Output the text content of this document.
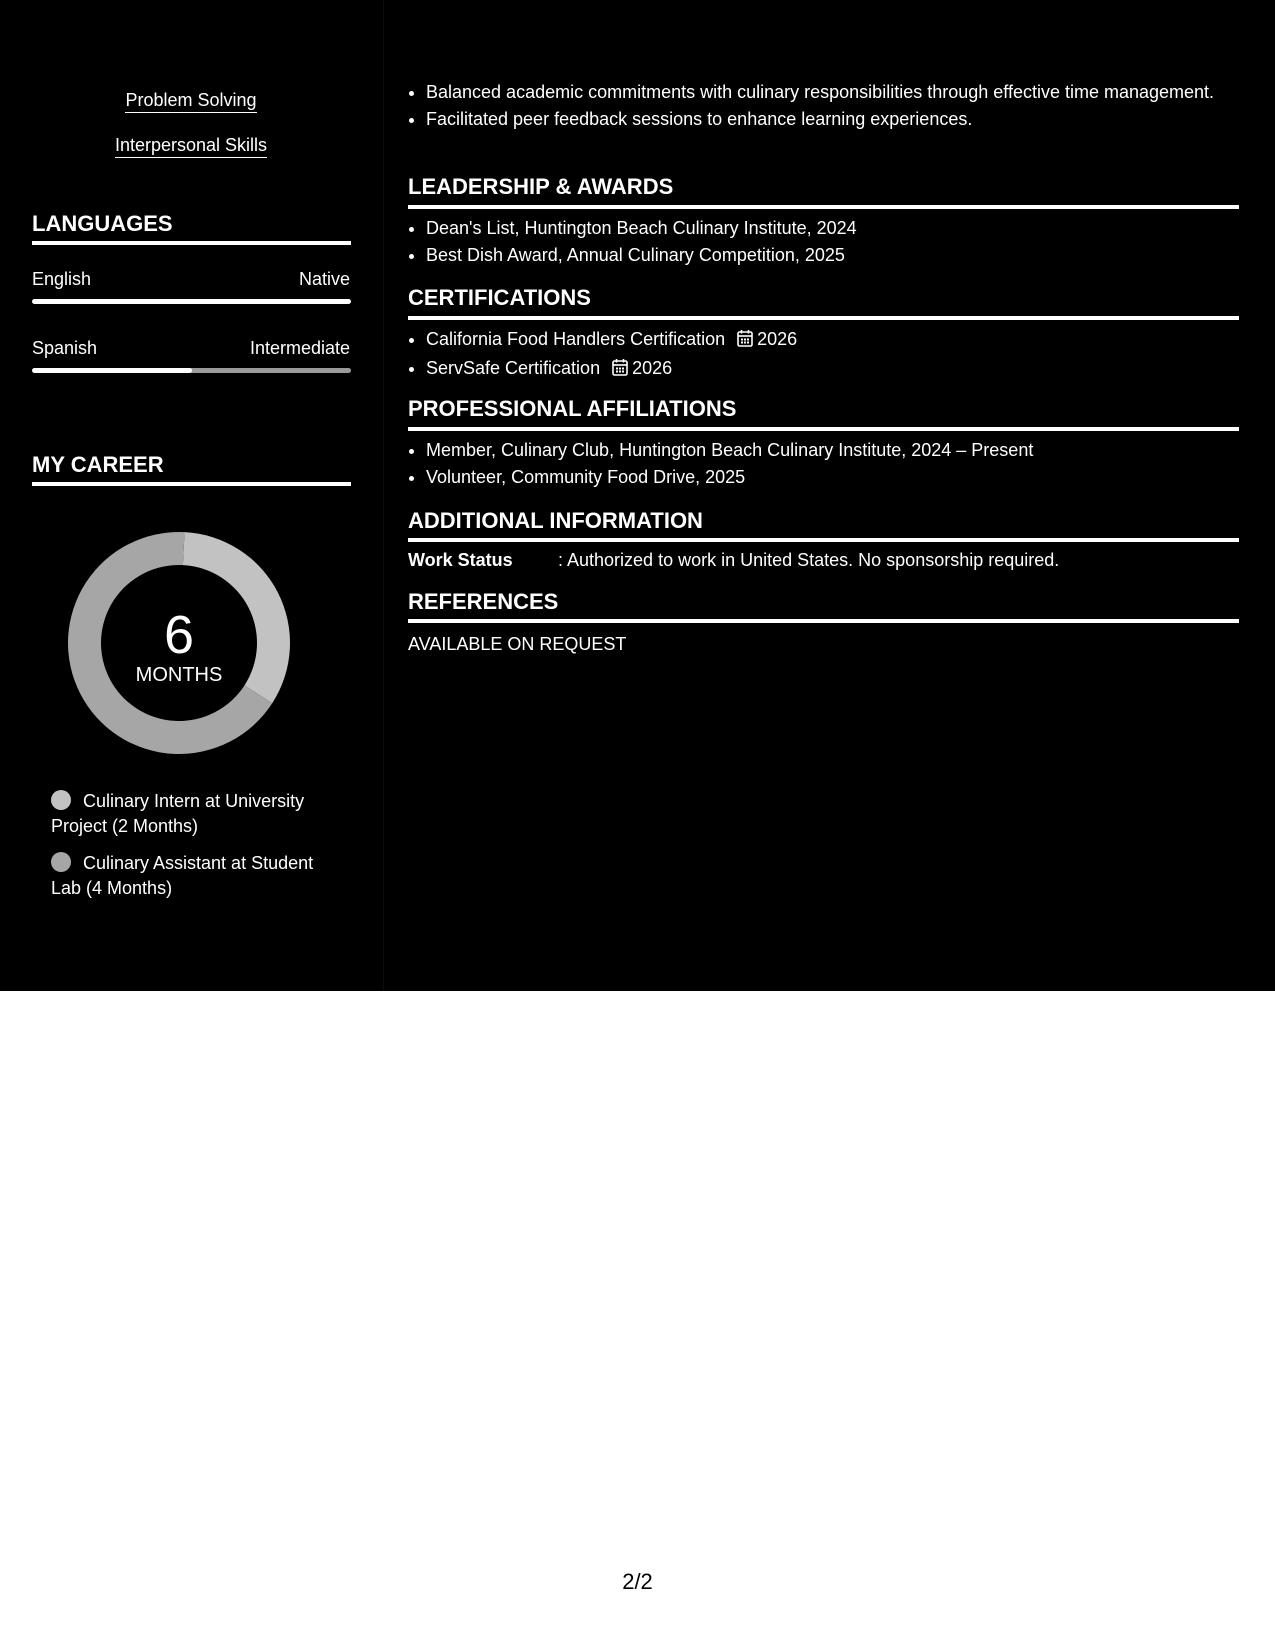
Problem Solving
Interpersonal Skills
LANGUAGES
English	Native
Spanish	Intermediate
MY CAREER
6
MONTHS
Culinary Intern at University Project (2 Months)
Culinary Assistant at Student Lab (4 Months)
• Balanced academic commitments with culinary responsibilities through effective time management.
• Facilitated peer feedback sessions to enhance learning experiences.
LEADERSHIP & AWARDS
• Dean's List, Huntington Beach Culinary Institute, 2024
• Best Dish Award, Annual Culinary Competition, 2025
CERTIFICATIONS
• California Food Handlers Certification 2026
• ServSafe Certification 2026
PROFESSIONAL AFFILIATIONS
• Member, Culinary Club, Huntington Beach Culinary Institute, 2024 – Present
• Volunteer, Community Food Drive, 2025
ADDITIONAL INFORMATION
Work Status	: Authorized to work in United States. No sponsorship required.
REFERENCES
AVAILABLE ON REQUEST
2/2
